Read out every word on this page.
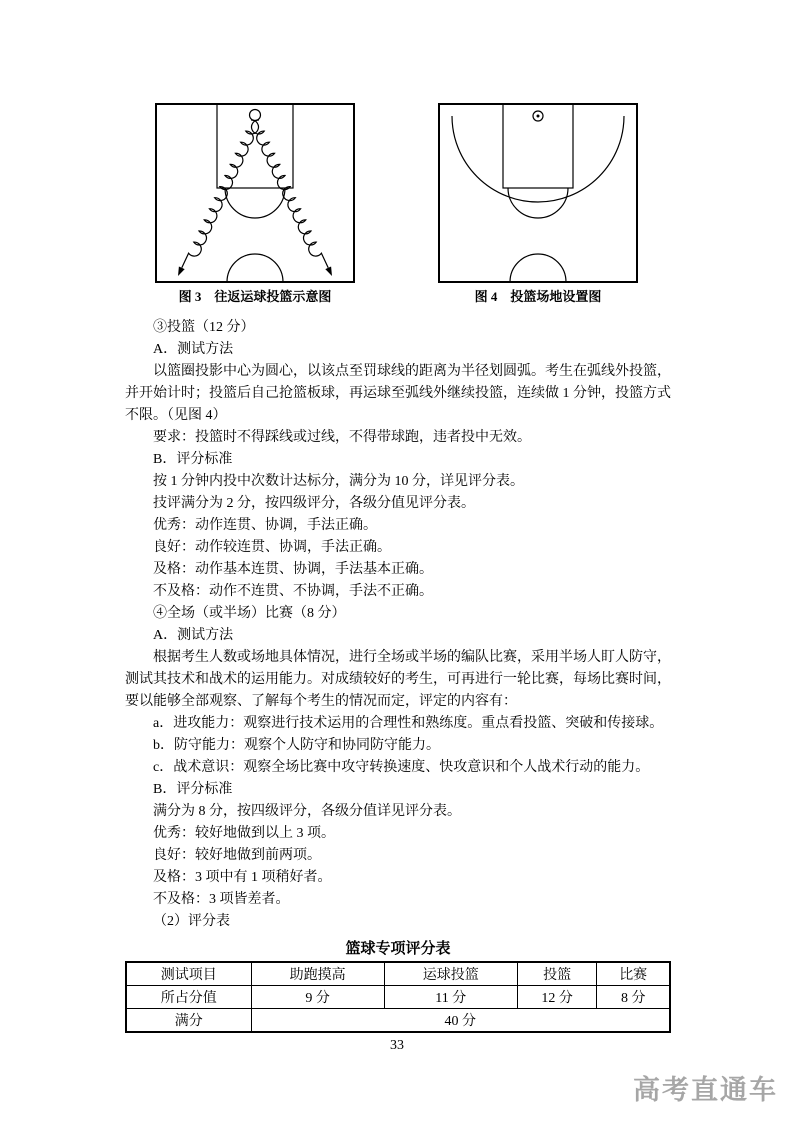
图 3　往返运球投篮示意图	图 4　投篮场地设置图

③投篮（12 分）

A．测试方法

以篮圈投影中心为圆心，以该点至罚球线的距离为半径划圆弧。考生在弧线外投篮，并开始计时；投篮后自己抢篮板球，再运球至弧线外继续投篮，连续做 1 分钟，投篮方式不限。（见图 4）

要求：投篮时不得踩线或过线，不得带球跑，违者投中无效。

B．评分标准

按 1 分钟内投中次数计达标分，满分为 10 分，详见评分表。

技评满分为 2 分，按四级评分，各级分值见评分表。

优秀：动作连贯、协调，手法正确。

良好：动作较连贯、协调，手法正确。

及格：动作基本连贯、协调，手法基本正确。

不及格：动作不连贯、不协调，手法不正确。

④全场（或半场）比赛（8 分）

A．测试方法

根据考生人数或场地具体情况，进行全场或半场的编队比赛，采用半场人盯人防守，测试其技术和战术的运用能力。对成绩较好的考生，可再进行一轮比赛，每场比赛时间，要以能够全部观察、了解每个考生的情况而定，评定的内容有：

a．进攻能力：观察进行技术运用的合理性和熟练度。重点看投篮、突破和传接球。

b．防守能力：观察个人防守和协同防守能力。

c．战术意识：观察全场比赛中攻守转换速度、快攻意识和个人战术行动的能力。

B．评分标准

满分为 8 分，按四级评分，各级分值详见评分表。

优秀：较好地做到以上 3 项。

良好：较好地做到前两项。

及格：3 项中有 1 项稍好者。

不及格：3 项皆差者。

（2）评分表

篮球专项评分表
测试项目	助跑摸高	运球投篮	投篮	比赛
所占分值	9 分	11 分	12 分	8 分
满分	40 分			
33
高考直通车
